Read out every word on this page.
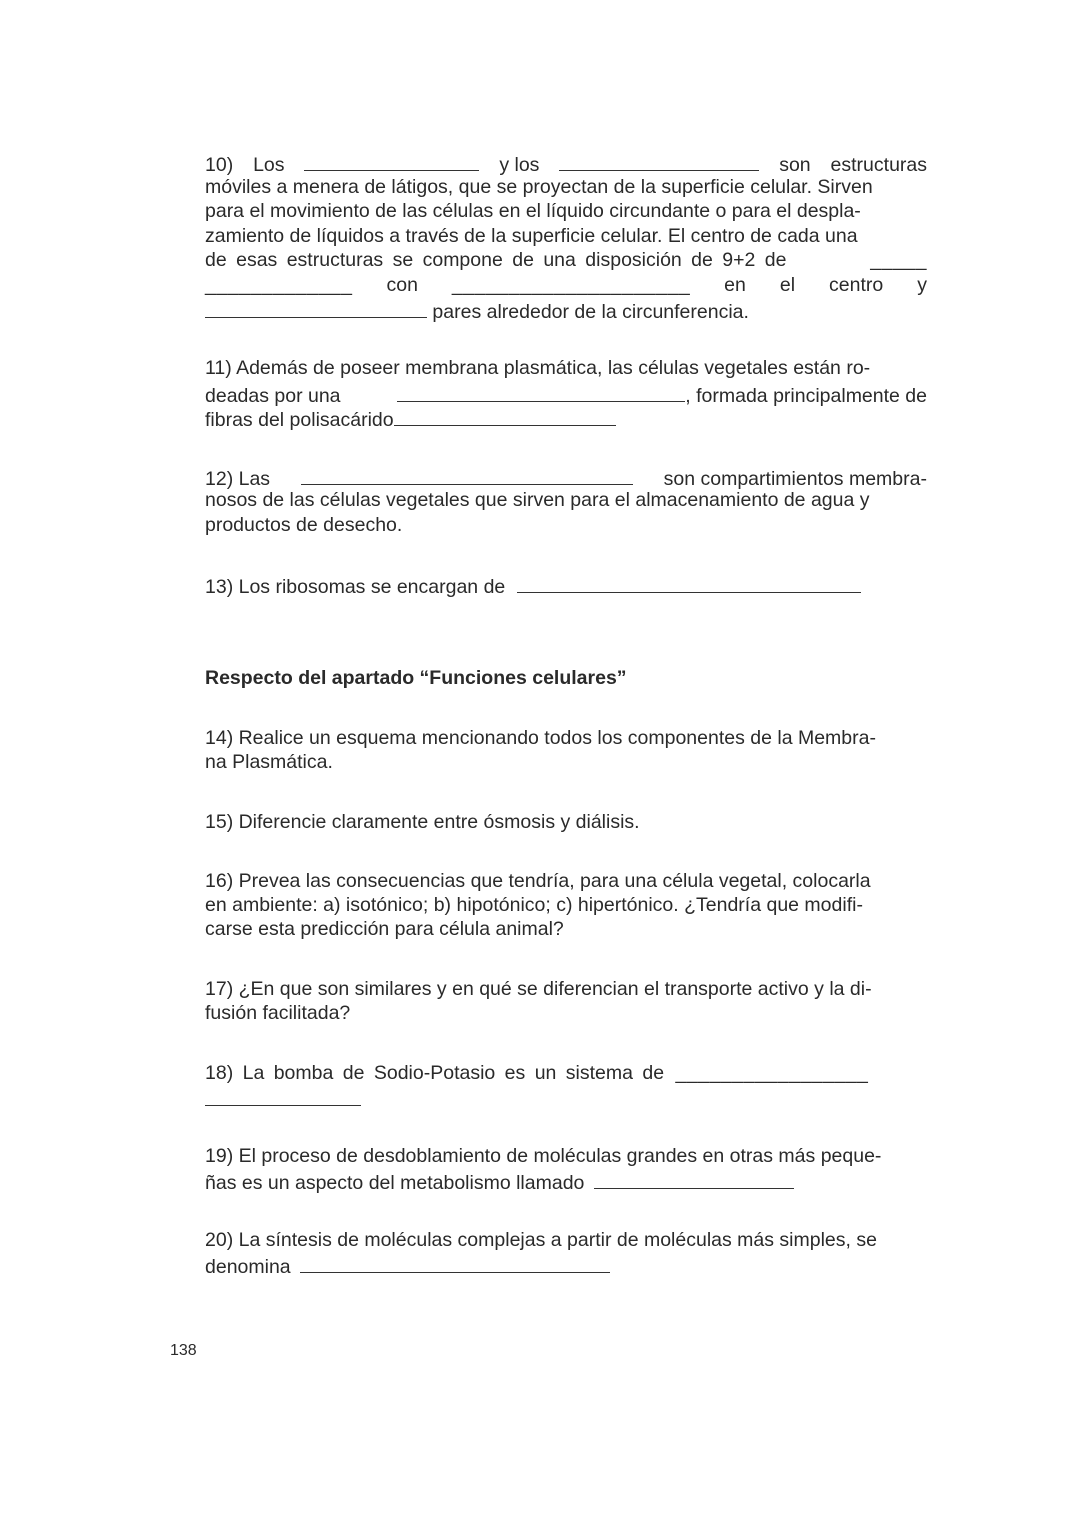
10) Los	y los	son estructuras
móviles a menera de látigos, que se proyectan de la superficie celular. Sirven
para el movimiento de las células en el líquido circundante o para el despla-
zamiento de líquidos a través de la superficie celular. El centro de cada una
de esas estructuras se compone de una disposición de 9+2 de	_____
_____________ con _____________________ en el centro y
pares alrededor de la circunferencia.
11) Además de poseer membrana plasmática, las células vegetales están ro-
deadas por una	, formada principalmente de
fibras del polisacárido
12) Las	son compartimientos membra-
nosos de las células vegetales que sirven para el almacenamiento de agua y
productos de desecho.
13) Los ribosomas se encargan de
Respecto del apartado “Funciones celulares”
14) Realice un esquema mencionando todos los componentes de la Membra-
na Plasmática.
15) Diferencie claramente entre ósmosis y diálisis.
16) Prevea las consecuencias que tendría, para una célula vegetal, colocarla
en ambiente: a) isotónico; b) hipotónico; c) hipertónico. ¿Tendría que modifi-
carse esta predicción para célula animal?
17) ¿En que son similares y en qué se diferencian el transporte activo y la di-
fusión facilitada?
18) La bomba de Sodio-Potasio es un sistema de _________________
19) El proceso de desdoblamiento de moléculas grandes en otras más peque-
ñas es un aspecto del metabolismo llamado
20) La síntesis de moléculas complejas a partir de moléculas más simples, se
denomina
138
